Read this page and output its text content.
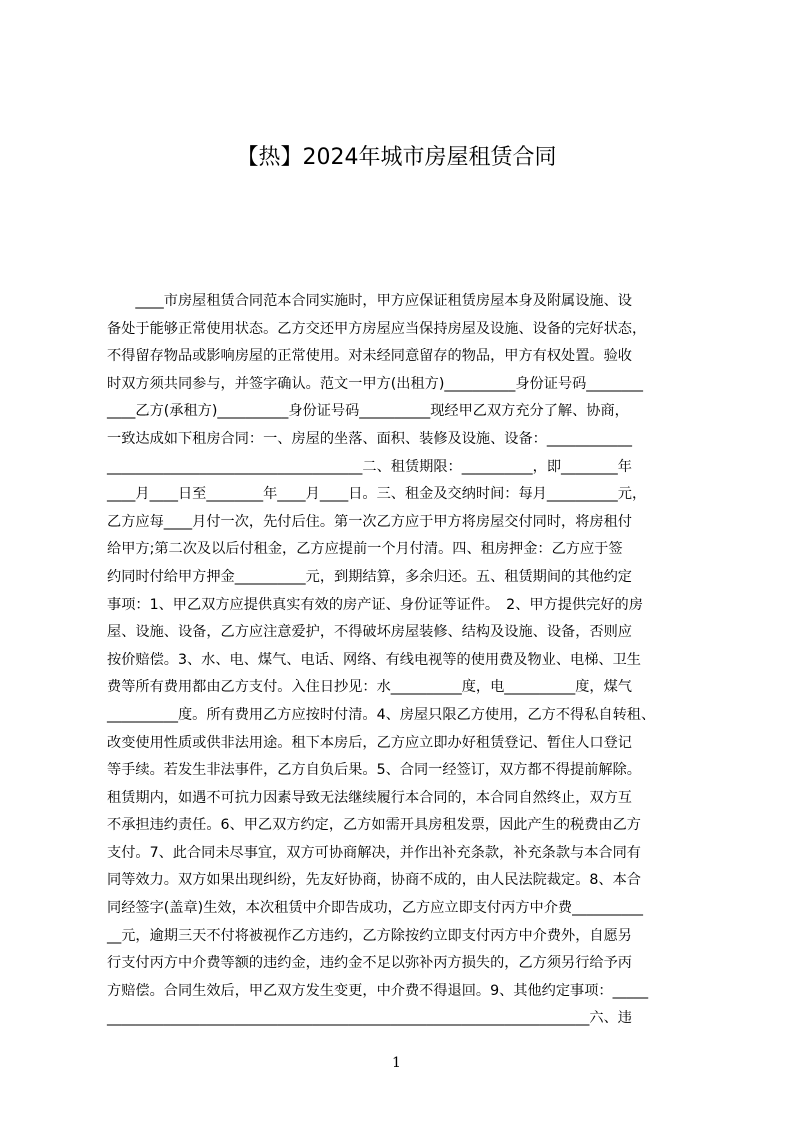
【热】2024年城市房屋租赁合同

　　____市房屋租赁合同范本合同实施时，甲方应保证租赁房屋本身及附属设施、设

备处于能够正常使用状态。乙方交还甲方房屋应当保持房屋及设施、设备的完好状态，

不得留存物品或影响房屋的正常使用。对未经同意留存的物品，甲方有权处置。验收

时双方须共同参与，并签字确认。范文一甲方(出租方)__________身份证号码________

____乙方(承租方)__________身份证号码__________现经甲乙双方充分了解、协商，

一致达成如下租房合同：一、房屋的坐落、面积、装修及设施、设备：____________

____________________________________二、租赁期限：__________，即________年

____月____日至________年____月____日。三、租金及交纳时间：每月__________元，

乙方应每____月付一次，先付后住。第一次乙方应于甲方将房屋交付同时，将房租付

给甲方;第二次及以后付租金，乙方应提前一个月付清。四、租房押金：乙方应于签

约同时付给甲方押金__________元，到期结算，多余归还。五、租赁期间的其他约定

事项：1、甲乙双方应提供真实有效的房产证、身份证等证件。　2、甲方提供完好的房

屋、设施、设备，乙方应注意爱护，不得破坏房屋装修、结构及设施、设备，否则应

按价赔偿。3、水、电、煤气、电话、网络、有线电视等的使用费及物业、电梯、卫生

费等所有费用都由乙方支付。入住日抄见：水__________度，电__________度，煤气

__________度。所有费用乙方应按时付清。4、房屋只限乙方使用，乙方不得私自转租、

改变使用性质或供非法用途。租下本房后，乙方应立即办好租赁登记、暂住人口登记

等手续。若发生非法事件，乙方自负后果。5、合同一经签订，双方都不得提前解除。

租赁期内，如遇不可抗力因素导致无法继续履行本合同的，本合同自然终止，双方互

不承担违约责任。6、甲乙双方约定，乙方如需开具房租发票，因此产生的税费由乙方

支付。7、此合同未尽事宜，双方可协商解决，并作出补充条款，补充条款与本合同有

同等效力。双方如果出现纠纷，先友好协商，协商不成的，由人民法院裁定。8、本合

同经签字(盖章)生效，本次租赁中介即告成功，乙方应立即支付丙方中介费__________

__元，逾期三天不付将被视作乙方违约，乙方除按约立即支付丙方中介费外，自愿另

行支付丙方中介费等额的违约金，违约金不足以弥补丙方损失的，乙方须另行给予丙

方赔偿。合同生效后，甲乙双方发生变更，中介费不得退回。9、其他约定事项：_____

____________________________________________________________________六、违

1
